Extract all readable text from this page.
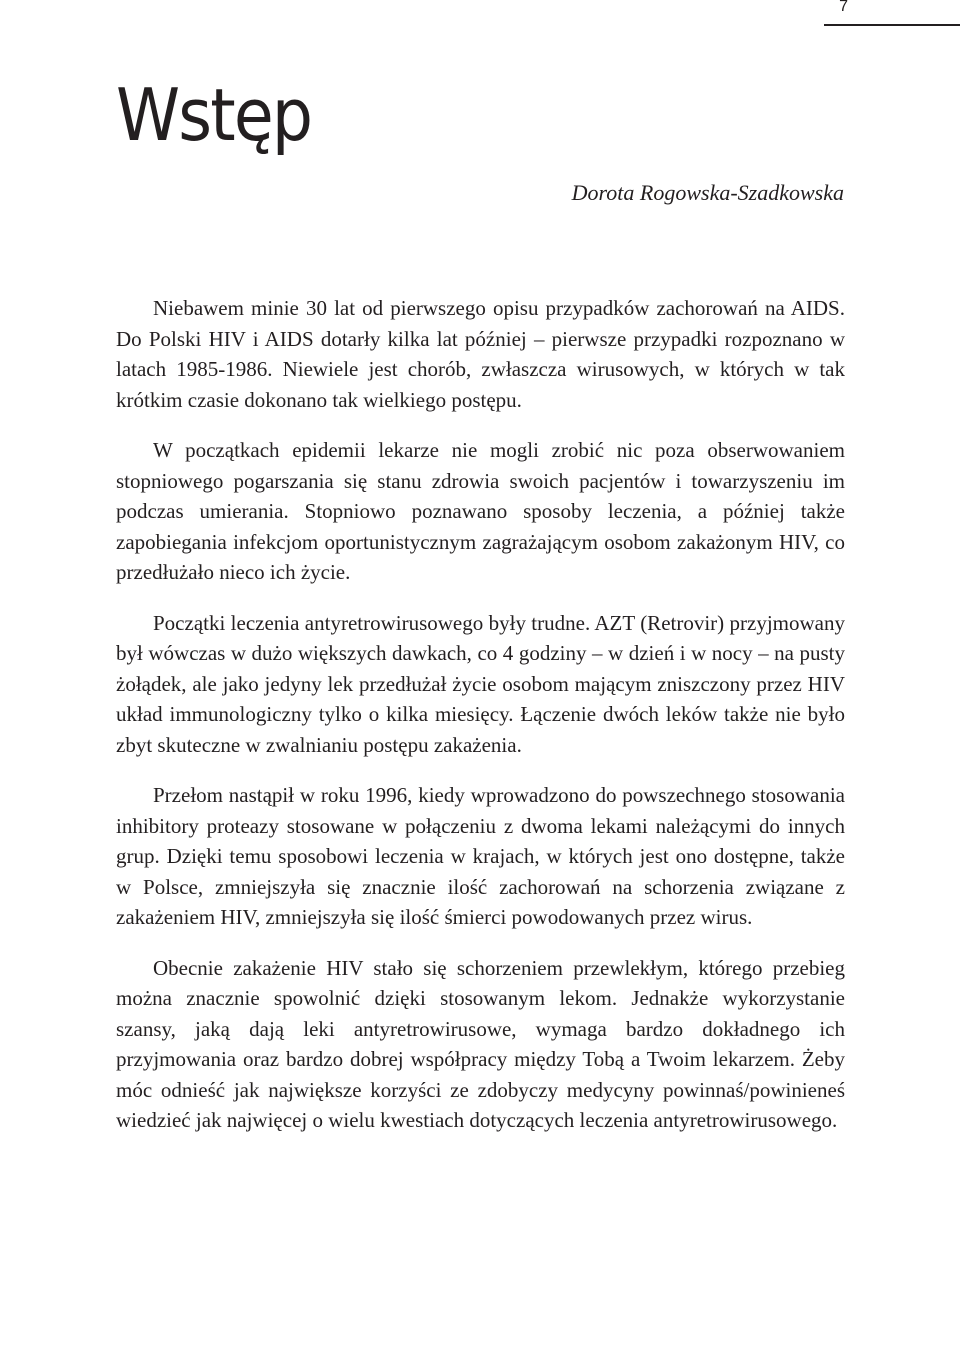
7
Wstęp

Dorota Rogowska-Szadkowska

Niebawem minie 30 lat od pierwszego opisu przypadków zachorowań na AIDS. Do Polski HIV i AIDS dotarły kilka lat później – pierwsze przypadki rozpoznano w latach 1985-1986. Niewiele jest chorób, zwłaszcza wirusowych, w których w tak krótkim czasie dokonano tak wielkiego postępu.

W początkach epidemii lekarze nie mogli zrobić nic poza obserwowaniem stopniowego pogarszania się stanu zdrowia swoich pacjentów i towarzyszeniu im podczas umierania. Stopniowo poznawano sposoby leczenia, a później także zapobiegania infekcjom oportunistycznym zagrażającym osobom zakażonym HIV, co przedłużało nieco ich życie.

Początki leczenia antyretrowirusowego były trudne. AZT (Retrovir) przyjmowany był wówczas w dużo większych dawkach, co 4 godziny – w dzień i w nocy – na pusty żołądek, ale jako jedyny lek przedłużał życie osobom mającym zniszczony przez HIV układ immunologiczny tylko o kilka miesięcy. Łączenie dwóch leków także nie było zbyt skuteczne w zwalnianiu postępu zakażenia.

Przełom nastąpił w roku 1996, kiedy wprowadzono do powszechnego stosowania inhibitory proteazy stosowane w połączeniu z dwoma lekami należącymi do innych grup. Dzięki temu sposobowi leczenia w krajach, w których jest ono dostępne, także w Polsce, zmniejszyła się znacznie ilość zachorowań na schorzenia związane z zakażeniem HIV, zmniejszyła się ilość śmierci powodowanych przez wirus.

Obecnie zakażenie HIV stało się schorzeniem przewlekłym, którego przebieg można znacznie spowolnić dzięki stosowanym lekom. Jednakże wykorzystanie szansy, jaką dają leki antyretrowirusowe, wymaga bardzo dokładnego ich przyjmowania oraz bardzo dobrej współpracy między Tobą a Twoim lekarzem. Żeby móc odnieść jak największe korzyści ze zdobyczy medycyny powinnaś/powinieneś wiedzieć jak najwięcej o wielu kwestiach dotyczących leczenia antyretrowirusowego.
